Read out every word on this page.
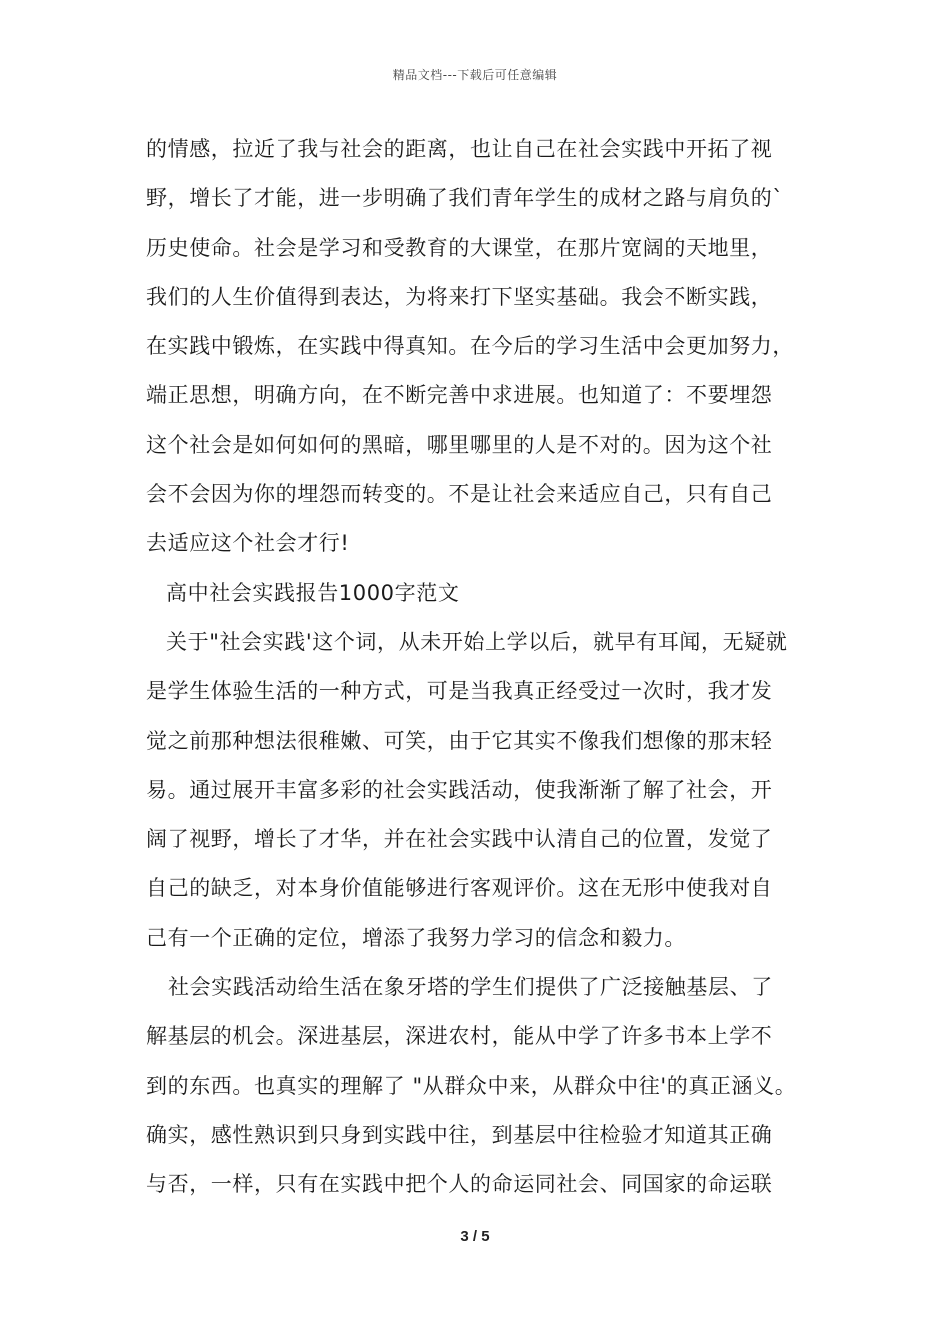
精品文档---下载后可任意编辑
的情感，拉近了我与社会的距离，也让自己在社会实践中开拓了视
野，增长了才能，进一步明确了我们青年学生的成材之路与肩负的`
历史使命。社会是学习和受教育的大课堂，在那片宽阔的天地里，
我们的人生价值得到表达，为将来打下坚实基础。我会不断实践，
在实践中锻炼，在实践中得真知。在今后的学习生活中会更加努力，
端正思想，明确方向，在不断完善中求进展。也知道了：不要埋怨
这个社会是如何如何的黑暗，哪里哪里的人是不对的。因为这个社
会不会因为你的埋怨而转变的。不是让社会来适应自己，只有自己
去适应这个社会才行!
高中社会实践报告1000字范文
关于"社会实践'这个词，从未开始上学以后，就早有耳闻，无疑就
是学生体验生活的一种方式，可是当我真正经受过一次时，我才发
觉之前那种想法很稚嫩、可笑，由于它其实不像我们想像的那末轻
易。通过展开丰富多彩的社会实践活动，使我渐渐了解了社会，开
阔了视野，增长了才华，并在社会实践中认清自己的位置，发觉了
自己的缺乏，对本身价值能够进行客观评价。这在无形中使我对自
己有一个正确的定位，增添了我努力学习的信念和毅力。
社会实践活动给生活在象牙塔的学生们提供了广泛接触基层、了
解基层的机会。深进基层，深进农村，能从中学了许多书本上学不
到的东西。也真实的理解了 "从群众中来，从群众中往'的真正涵义。
确实，感性熟识到只身到实践中往，到基层中往检验才知道其正确
与否，一样，只有在实践中把个人的命运同社会、同国家的命运联
3 / 5
